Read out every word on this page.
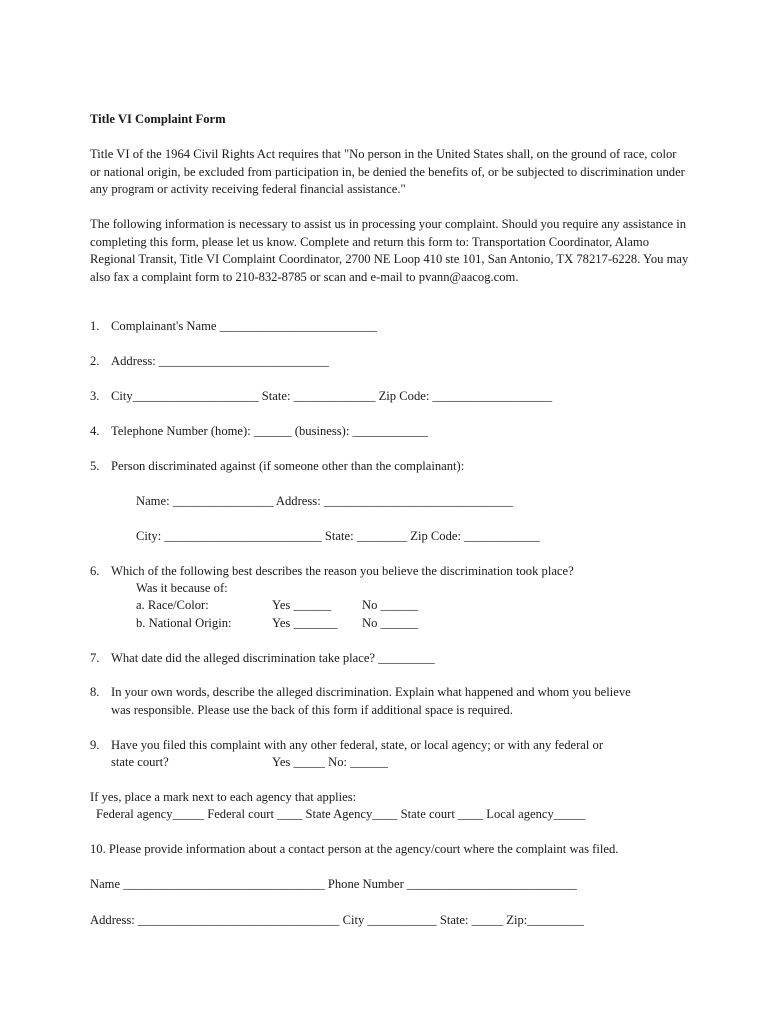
Title VI Complaint Form
Title VI of the 1964 Civil Rights Act requires that "No person in the United States shall, on the ground of race, color or national origin, be excluded from participation in, be denied the benefits of, or be subjected to discrimination under any program or activity receiving federal financial assistance."
The following information is necessary to assist us in processing your complaint. Should you require any assistance in completing this form, please let us know. Complete and return this form to: Transportation Coordinator, Alamo Regional Transit, Title VI Complaint Coordinator, 2700 NE Loop 410 ste 101, San Antonio, TX 78217-6228. You may also fax a complaint form to 210-832-8785 or scan and e-mail to pvann@aacog.com.
1. Complainant's Name _________________________
2. Address: ___________________________
3. City____________________ State: _____________ Zip Code: ___________________
4. Telephone Number (home): ______ (business): ____________
5. Person discriminated against (if someone other than the complainant):
Name: ________________ Address: ______________________________
City: _________________________ State: ________ Zip Code: ____________
6. Which of the following best describes the reason you believe the discrimination took place?
Was it because of:
a. Race/Color:	Yes ______ No ______
b. National Origin:	Yes _______ No ______
7. What date did the alleged discrimination take place? _________
8. In your own words, describe the alleged discrimination. Explain what happened and whom you believe was responsible. Please use the back of this form if additional space is required.
9. Have you filed this complaint with any other federal, state, or local agency; or with any federal or
state court?	Yes _____ No: ______
If yes, place a mark next to each agency that applies:
Federal agency_____ Federal court ____ State Agency____ State court ____ Local agency_____
10. Please provide information about a contact person at the agency/court where the complaint was filed.
Name ________________________________ Phone Number ___________________________
Address: ________________________________ City ___________ State: _____ Zip:_________
